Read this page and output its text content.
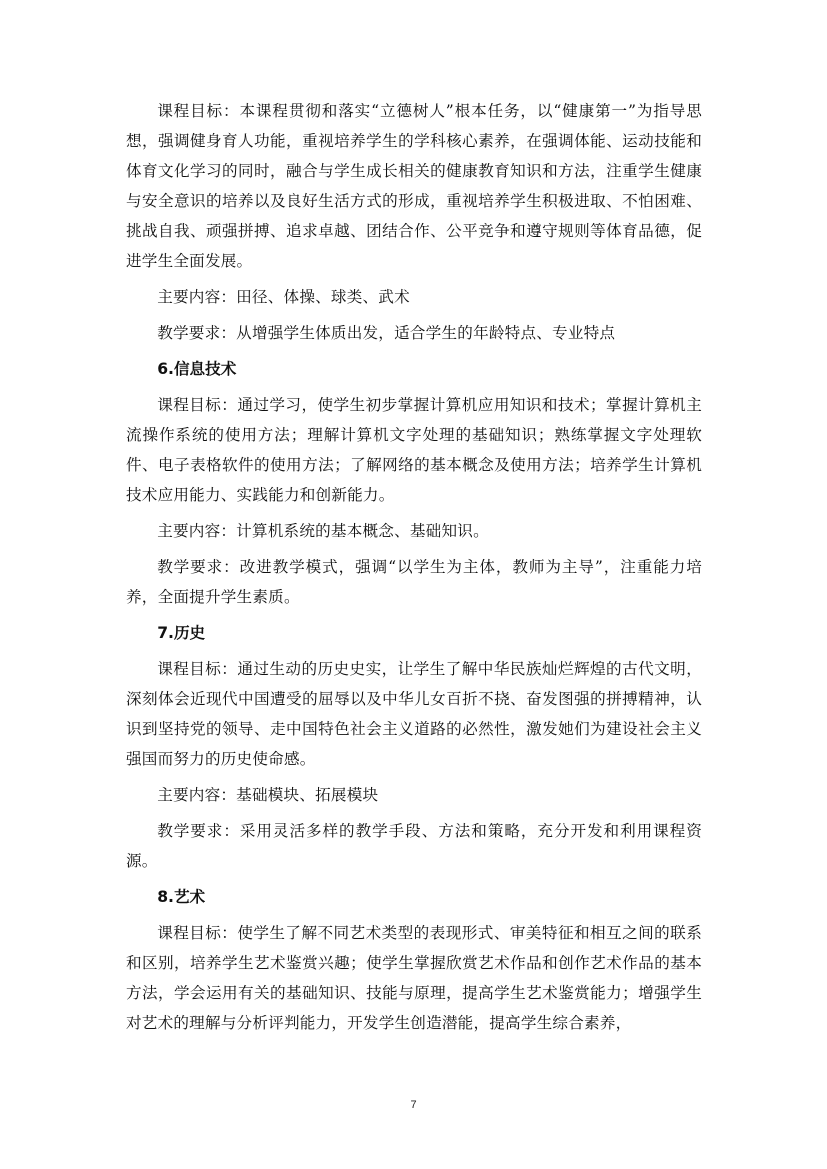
课程目标：本课程贯彻和落实“立德树人”根本任务，以“健康第一”为指导思想，强调健身育人功能，重视培养学生的学科核心素养，在强调体能、运动技能和体育文化学习的同时，融合与学生成长相关的健康教育知识和方法，注重学生健康与安全意识的培养以及良好生活方式的形成，重视培养学生积极进取、不怕困难、挑战自我、顽强拼搏、追求卓越、团结合作、公平竞争和遵守规则等体育品德，促进学生全面发展。

主要内容：田径、体操、球类、武术

教学要求：从增强学生体质出发，适合学生的年龄特点、专业特点

6.信息技术

课程目标：通过学习，使学生初步掌握计算机应用知识和技术；掌握计算机主流操作系统的使用方法；理解计算机文字处理的基础知识；熟练掌握文字处理软件、电子表格软件的使用方法；了解网络的基本概念及使用方法；培养学生计算机技术应用能力、实践能力和创新能力。

主要内容：计算机系统的基本概念、基础知识。

教学要求：改进教学模式，强调“以学生为主体，教师为主导”，注重能力培养，全面提升学生素质。

7.历史

课程目标：通过生动的历史史实，让学生了解中华民族灿烂辉煌的古代文明，深刻体会近现代中国遭受的屈辱以及中华儿女百折不挠、奋发图强的拼搏精神，认识到坚持党的领导、走中国特色社会主义道路的必然性，激发她们为建设社会主义强国而努力的历史使命感。

主要内容：基础模块、拓展模块

教学要求：采用灵活多样的教学手段、方法和策略，充分开发和利用课程资源。

8.艺术

课程目标：使学生了解不同艺术类型的表现形式、审美特征和相互之间的联系和区别，培养学生艺术鉴赏兴趣；使学生掌握欣赏艺术作品和创作艺术作品的基本方法，学会运用有关的基础知识、技能与原理，提高学生艺术鉴赏能力；增强学生对艺术的理解与分析评判能力，开发学生创造潜能，提高学生综合素养，

7
